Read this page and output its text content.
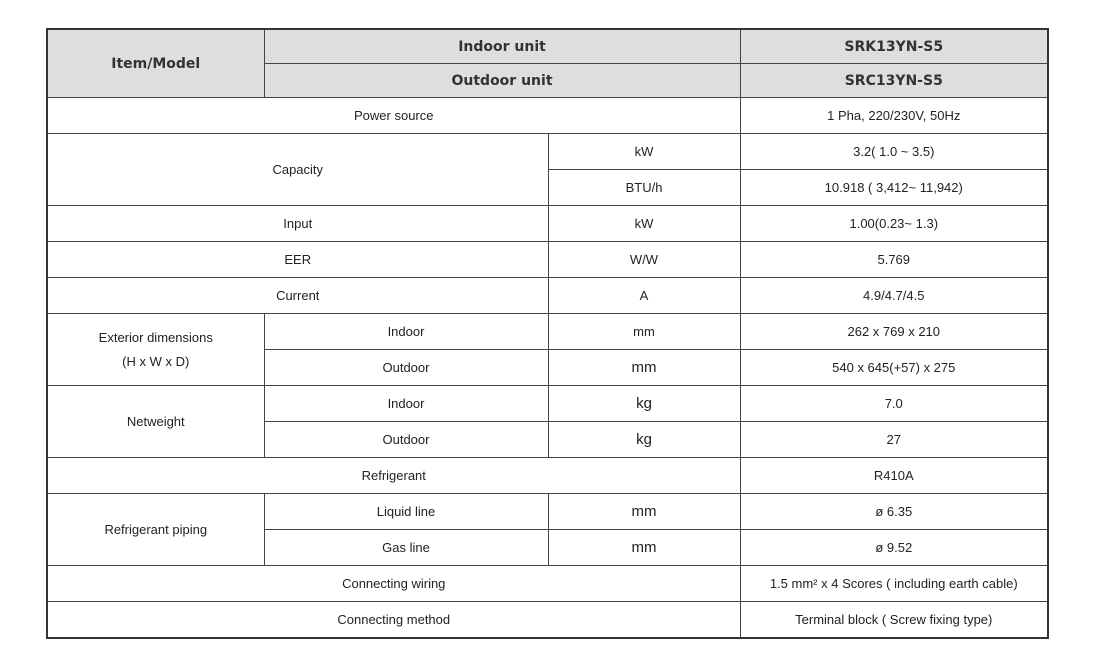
Item/Model	Indoor unit		SRK13YN-S5
	Outdoor unit		SRC13YN-S5
Power source			1 Pha, 220/230V, 50Hz
Capacity		kW	3.2( 1.0 ~ 3.5)
		BTU/h	10.918 ( 3,412~ 11,942)
Input		kW	1.00(0.23~ 1.3)
EER		W/W	5.769
Current		A	4.9/4.7/4.5

Exterior dimensions
(H x W x D)	Indoor	mm	262 x 769 x 210
	Outdoor	mm	540 x 645(+57) x 275
Netweight	Indoor	kg	7.0
	Outdoor	kg	27
Refrigerant			R410A
Refrigerant piping	Liquid line	mm	ø 6.35
	Gas line	mm	ø 9.52
Connecting wiring			1.5 mm² x 4 Scores ( including earth cable)
Connecting method			Terminal block ( Screw fixing type)
